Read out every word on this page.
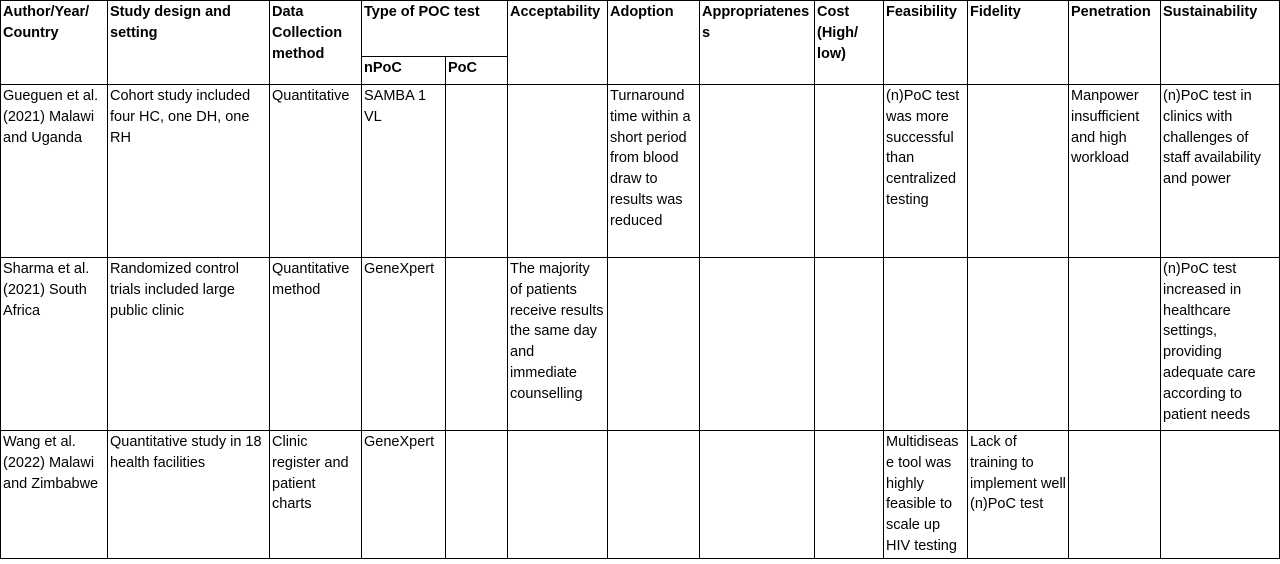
Author/Year/ Country	Study design and setting	Data Collection method	Type of POC test		Acceptability	Adoption	Appropriateness	Cost (High/ low)	Feasibility	Fidelity	Penetration	Sustainability
			nPoC	PoC								
Gueguen et al. (2021) Malawi and Uganda	Cohort study included four HC, one DH, one RH	Quantitative	SAMBA 1 VL			Turnaround time within a short period from blood draw to results was reduced			(n)PoC test was more successful than centralized testing		Manpower insufficient and high workload	(n)PoC test in clinics with challenges of staff availability and power
Sharma et al. (2021) South Africa	Randomized control trials included large public clinic	Quantitative method	GeneXpert		The majority of patients receive results the same day and immediate counselling							(n)PoC test increased in healthcare settings, providing adequate care according to patient needs
Wang et al. (2022) Malawi and Zimbabwe	Quantitative study in 18 health facilities	Clinic register and patient charts	GeneXpert						Multidisease tool was highly feasible to scale up HIV testing	Lack of training to implement well (n)PoC test		
